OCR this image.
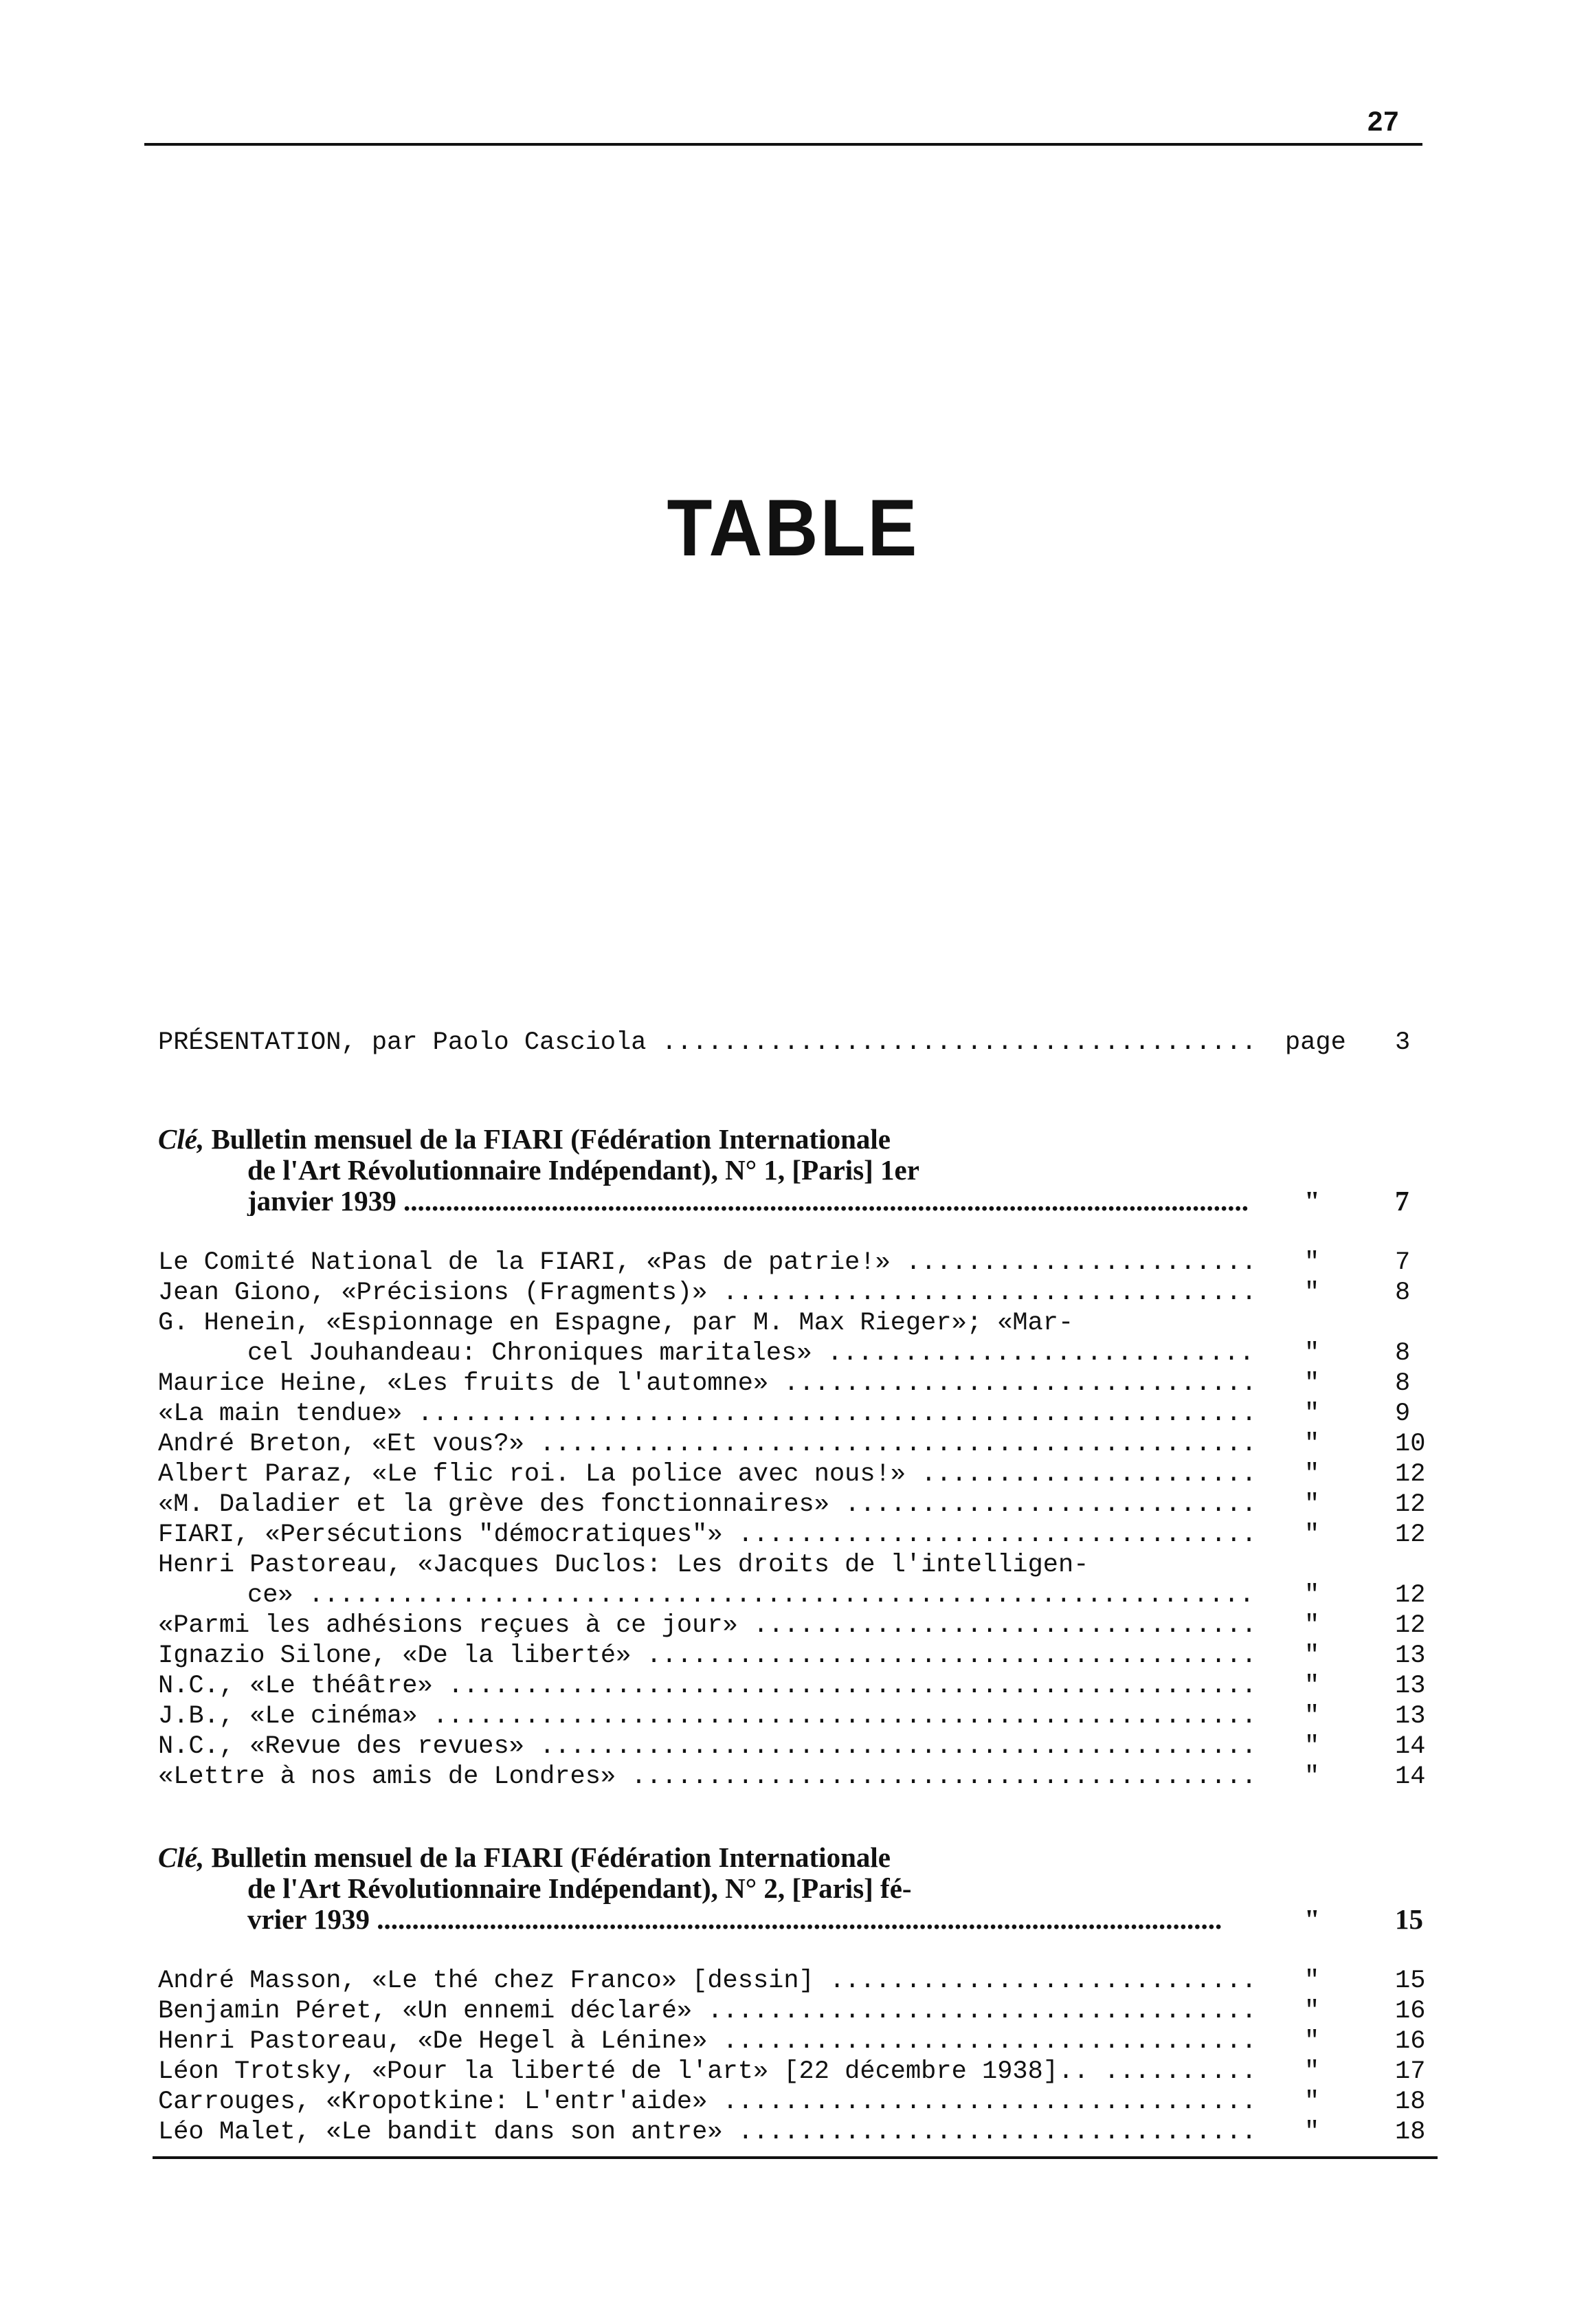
27
TABLE
PRÉSENTATION, par Paolo Casciola .....	page 3
Clé, Bulletin mensuel de la FIARI (Fédération Internationale
de l'Art Révolutionnaire Indépendant), N° 1, [Paris] 1er
janvier 1939 .....	"	7
Le Comité National de la FIARI, «Pas de patrie!» .....	"	7
Jean Giono, «Précisions (Fragments)» .....	"	8
G. Henein, «Espionnage en Espagne, par M. Max Rieger»; «Mar-
cel Jouhandeau: Chroniques maritales» .....	"	8
Maurice Heine, «Les fruits de l'automne» .....	"	8
«La main tendue» .....	"	9
André Breton, «Et vous?» .....	"	10
Albert Paraz, «Le flic roi. La police avec nous!» .....	"	12
«M. Daladier et la grève des fonctionnaires» .....	"	12
FIARI, «Persécutions "démocratiques"» .....	"	12
Henri Pastoreau, «Jacques Duclos: Les droits de l'intelligen-
ce» .....	"	12
«Parmi les adhésions reçues à ce jour» .....	"	12
Ignazio Silone, «De la liberté» .....	"	13
N.C., «Le théâtre» .....	"	13
J.B., «Le cinéma» .....	"	13
N.C., «Revue des revues» .....	"	14
«Lettre à nos amis de Londres» .....	"	14
Clé, Bulletin mensuel de la FIARI (Fédération Internationale
de l'Art Révolutionnaire Indépendant), N° 2, [Paris] fé-
vrier 1939 .....	"	15
André Masson, «Le thé chez Franco» [dessin] .....	"	15
Benjamin Péret, «Un ennemi déclaré» .....	"	16
Henri Pastoreau, «De Hegel à Lénine» .....	"	16
Léon Trotsky, «Pour la liberté de l'art» [22 décembre 1938].. .....	"	17
Carrouges, «Kropotkine: L'entr'aide» .....	"	18
Léo Malet, «Le bandit dans son antre» .....	"	18
